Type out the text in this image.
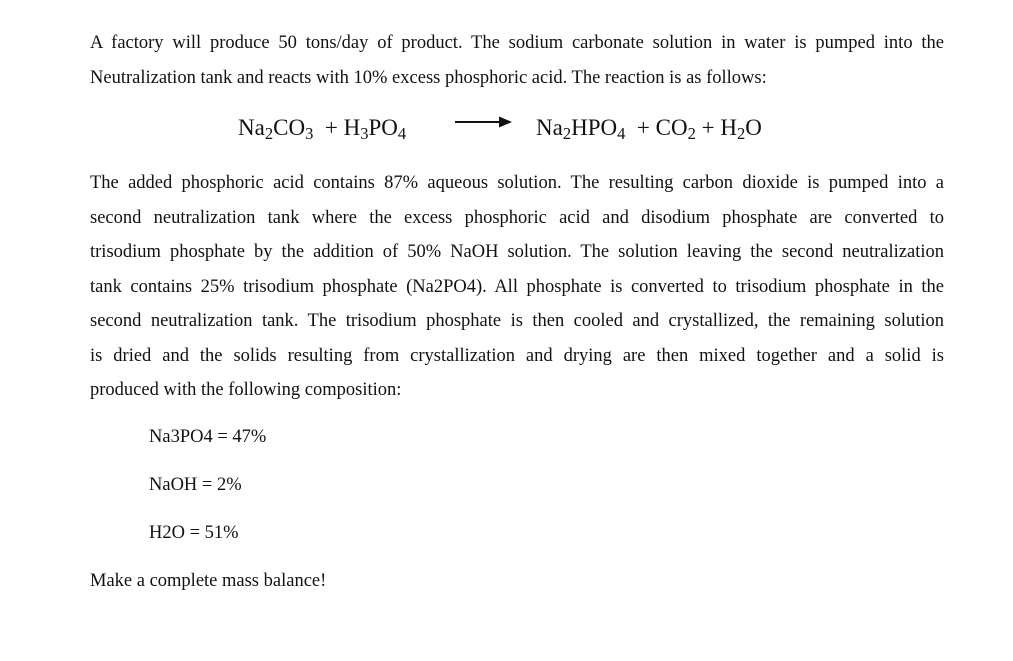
A factory will produce 50 tons/day of product. The sodium carbonate solution in water is pumped into the
Neutralization tank and reacts with 10% excess phosphoric acid. The reaction is as follows:
$Na_2CO_3 + H_3PO_4$	$Na_2HPO_4 + CO_2 + H_2O$
The added phosphoric acid contains 87% aqueous solution. The resulting carbon dioxide is pumped into a
second neutralization tank where the excess phosphoric acid and disodium phosphate are converted to
trisodium phosphate by the addition of 50% NaOH solution. The solution leaving the second neutralization
tank contains 25% trisodium phosphate (Na2PO4). All phosphate is converted to trisodium phosphate in the
second neutralization tank. The trisodium phosphate is then cooled and crystallized, the remaining solution
is dried and the solids resulting from crystallization and drying are then mixed together and a solid is
produced with the following composition:

Na3PO4 = 47%

NaOH = 2%

H2O = 51%

Make a complete mass balance!
